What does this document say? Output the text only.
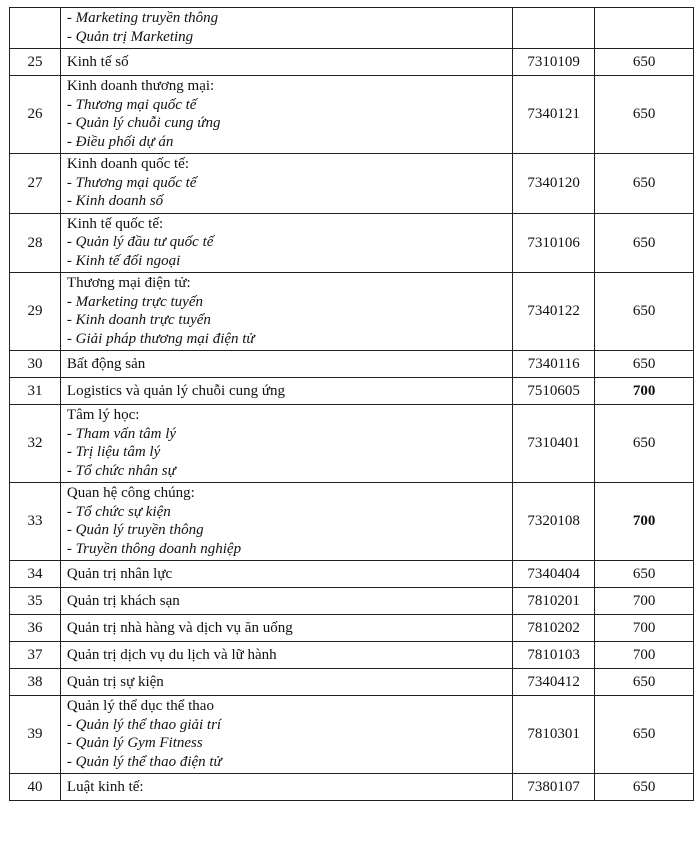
	- Marketing truyền thông
- Quản trị Marketing		

25	Kinh tế số	7310109	650
26	Kinh doanh thương mại:
- Thương mại quốc tế
- Quản lý chuỗi cung ứng
- Điều phối dự án	7340121	650
27	Kinh doanh quốc tế:
- Thương mại quốc tế
- Kinh doanh số	7340120	650
28	Kinh tế quốc tế:
- Quản lý đầu tư quốc tế
- Kinh tế đối ngoại	7310106	650
29	Thương mại điện tử:
- Marketing trực tuyến
- Kinh doanh trực tuyến
- Giải pháp thương mại điện tử	7340122	650
30	Bất động sản	7340116	650
31	Logistics và quản lý chuỗi cung ứng	7510605	700
32	Tâm lý học:
- Tham vấn tâm lý
- Trị liệu tâm lý
- Tổ chức nhân sự	7310401	650
33	Quan hệ công chúng:
- Tổ chức sự kiện
- Quản lý truyền thông
- Truyền thông doanh nghiệp	7320108	700
34	Quản trị nhân lực	7340404	650
35	Quản trị khách sạn	7810201	700
36	Quản trị nhà hàng và dịch vụ ăn uống	7810202	700
37	Quản trị dịch vụ du lịch và lữ hành	7810103	700
38	Quản trị sự kiện	7340412	650
39	Quản lý thể dục thể thao
- Quản lý thể thao giải trí
- Quản lý Gym Fitness
- Quản lý thể thao điện tử	7810301	650
40	Luật kinh tế:	7380107	650
